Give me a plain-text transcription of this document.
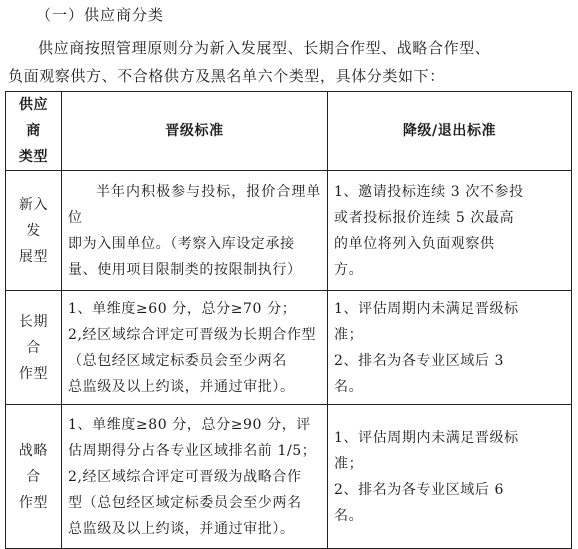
（一）供应商分类

供应商按照管理原则分为新入发展型、长期合作型、战略合作型、

负面观察供方、不合格供方及黑名单六个类型，具体分类如下：

供应商
类型	晋级标准	降级/退出标准

新入发
展型	半年内积极参与投标，报价合理单位
即为入围单位。（考察入库设定承接
量、使用项目限制类的按限制执行）	1、邀请投标连续 3 次不参投
或者投标报价连续 5 次最高
的单位将列入负面观察供
方。

长期合
作型	1、单维度≥60 分，总分≥70 分；
2,经区域综合评定可晋级为长期合作型
（总包经区域定标委员会至少两名
总监级及以上约谈，并通过审批）。	1、评估周期内未满足晋级标
准；
2、排名为各专业区域后 3
名。

战略合
作型	1、单维度≥80 分，总分≥90 分，评
估周期得分占各专业区域排名前 1/5；
2,经区域综合评定可晋级为战略合作
型（总包经区域定标委员会至少两名
总监级及以上约谈，并通过审批）。	1、评估周期内未满足晋级标
准；
2、排名为各专业区域后 6
名。
